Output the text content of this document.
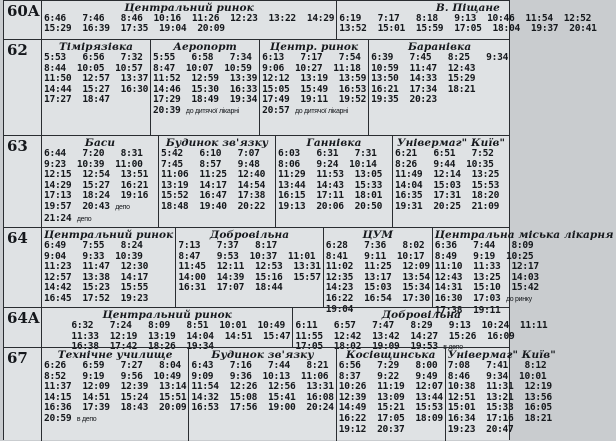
60A	Центральний ринок
6:46   7:46   8:46  10:16  11:26  12:23  13:22  14:29
15:29  16:39  17:35  19:04  20:09
В. Піщане
6:19   7:17   8:18   9:13  10:46  11:54  12:52
13:52  15:01  15:59  17:05  18:04  19:37  20:41
62	Тімірязівка
5:53   6:56   7:32
8:44  10:05  10:57
11:50  12:57  13:37
14:44  15:27  16:30
17:27  18:47
Аеропорт
5:55   6:58   7:34
8:47  10:07  10:59
11:52  12:59  13:39
14:46  15:30  16:33
17:29  18:49  19:34
20:39 до дитячої лікарні
Центр. ринок
6:13   7:17   7:54
9:06  10:27  11:18
12:12  13:19  13:59
15:05  15:49  16:53
17:49  19:11  19:52
20:57 до дитячої лікарні
Баранівка
6:39   7:45   8:25   9:34
10:59  11:47  12:43
13:50  14:33  15:29
16:21  17:34  18:21
19:35  20:23
63	Баси
6:44   7:20   8:31
9:23  10:39  11:00
12:15  12:54  13:51
14:29  15:27  16:21
17:13  18:24  19:16
19:57  20:43 депо
21:24 депо
Будинок зв'язку
5:42   6:10   7:07
7:45   8:57   9:48
11:06  11:25  12:40
13:19  14:17  14:54
15:52  16:47  17:38
18:48  19:40  20:22
Ганнівка
6:03   6:31   7:31
8:06   9:24  10:14
11:29  11:53  13:05
13:44  14:43  15:33
16:15  17:11  18:01
19:13  20:06  20:50
Універмаг" Київ"
6:21   6:51   7:52
8:26   9:44  10:35
11:49  12:14  13:25
14:04  15:03  15:53
16:35  17:31  18:20
19:31  20:25  21:09
64	Центральний ринок
6:49   7:55   8:24
9:04   9:33  10:39
11:23  11:47  12:30
12:57  13:38  14:17
14:42  15:23  15:55
16:45  17:52  19:23
Добровільна
7:13   7:37   8:17
8:47   9:53  10:37  11:01
11:45  12:11  12:53  13:31
14:00  14:39  15:16  15:57
16:31  17:07  18:44
ЦУМ
6:28   7:36   8:02
8:41   9:11  10:17
11:02  11:25  12:09
12:35  13:17  13:54
14:23  15:03  15:34
16:22  16:54  17:30
19:04
Центральна міська лікарня
6:36   7:44   8:09
8:49   9:19  10:25
11:10  11:33  12:17
12:43  13:25  14:03
14:31  15:10  15:42
16:30  17:03 до ринку
17:38  19:11
64A	Центральний ринок
6:32   7:24   8:09   8:51  10:01  10:49
11:33  12:19  13:19  14:04  14:51  15:47
16:38  17:42  18:26  19:34
Добровільна
6:11   6:57   7:47   8:29   9:13  10:24  11:11
11:55  12:42  13:42  14:27  15:26  16:09
17:05  18:02  19:09  19:53 в депо
67	Технічне училище
6:26   6:59   7:27   8:04
8:52   9:19   9:56  10:49
11:37  12:09  12:39  13:14
14:15  14:51  15:24  15:51
16:36  17:39  18:43  20:09
20:59 в депо
Будинок зв'язку
6:43   7:16   7:44   8:21
9:09   9:36  10:13  11:06
11:54  12:26  12:56  13:31
14:32  15:08  15:41  16:08
16:53  17:56  19:00  20:24
Косівщинська
6:56   7:29   8:00
8:37   9:22   9:49
10:26  11:19  12:07
12:39  13:09  13:44
14:49  15:21  15:53
16:22  17:05  18:09
19:12  20:37
Універмаг" Київ"
7:08   7:41   8:12
8:46   9:34  10:01
10:38  11:31  12:19
12:51  13:21  13:56
15:01  15:33  16:05
16:34  17:16  18:21
19:23  20:47
